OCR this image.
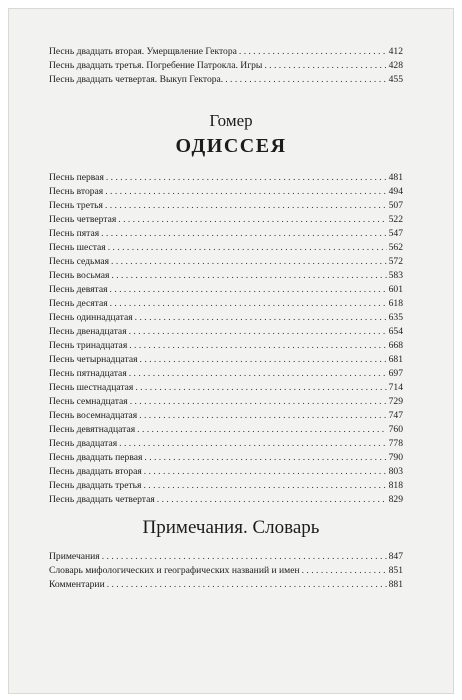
Песнь двадцать вторая. Умерщвление Гектора . . .	412
Песнь двадцать третья. Погребение Патрокла. Игры . . .	428
Песнь двадцать четвертая. Выкуп Гектора. . . .	455
Гомер
ОДИССЕЯ
Песнь первая . . .	481
Песнь вторая . . .	494
Песнь третья . . .	507
Песнь четвертая . . .	522
Песнь пятая . . .	547
Песнь шестая . . .	562
Песнь седьмая . . .	572
Песнь восьмая . . .	583
Песнь девятая . . .	601
Песнь десятая . . .	618
Песнь одиннадцатая . . .	635
Песнь двенадцатая . . .	654
Песнь тринадцатая . . .	668
Песнь четырнадцатая . . .	681
Песнь пятнадцатая . . .	697
Песнь шестнадцатая . . .	714
Песнь семнадцатая . . .	729
Песнь восемнадцатая . . .	747
Песнь девятнадцатая . . .	760
Песнь двадцатая . . .	778
Песнь двадцать первая . . .	790
Песнь двадцать вторая . . .	803
Песнь двадцать третья . . .	818
Песнь двадцать четвертая . . .	829
Примечания. Словарь
Примечания . . .	847
Словарь мифологических и географических названий и имен . . .	851
Комментарии . . .	881
